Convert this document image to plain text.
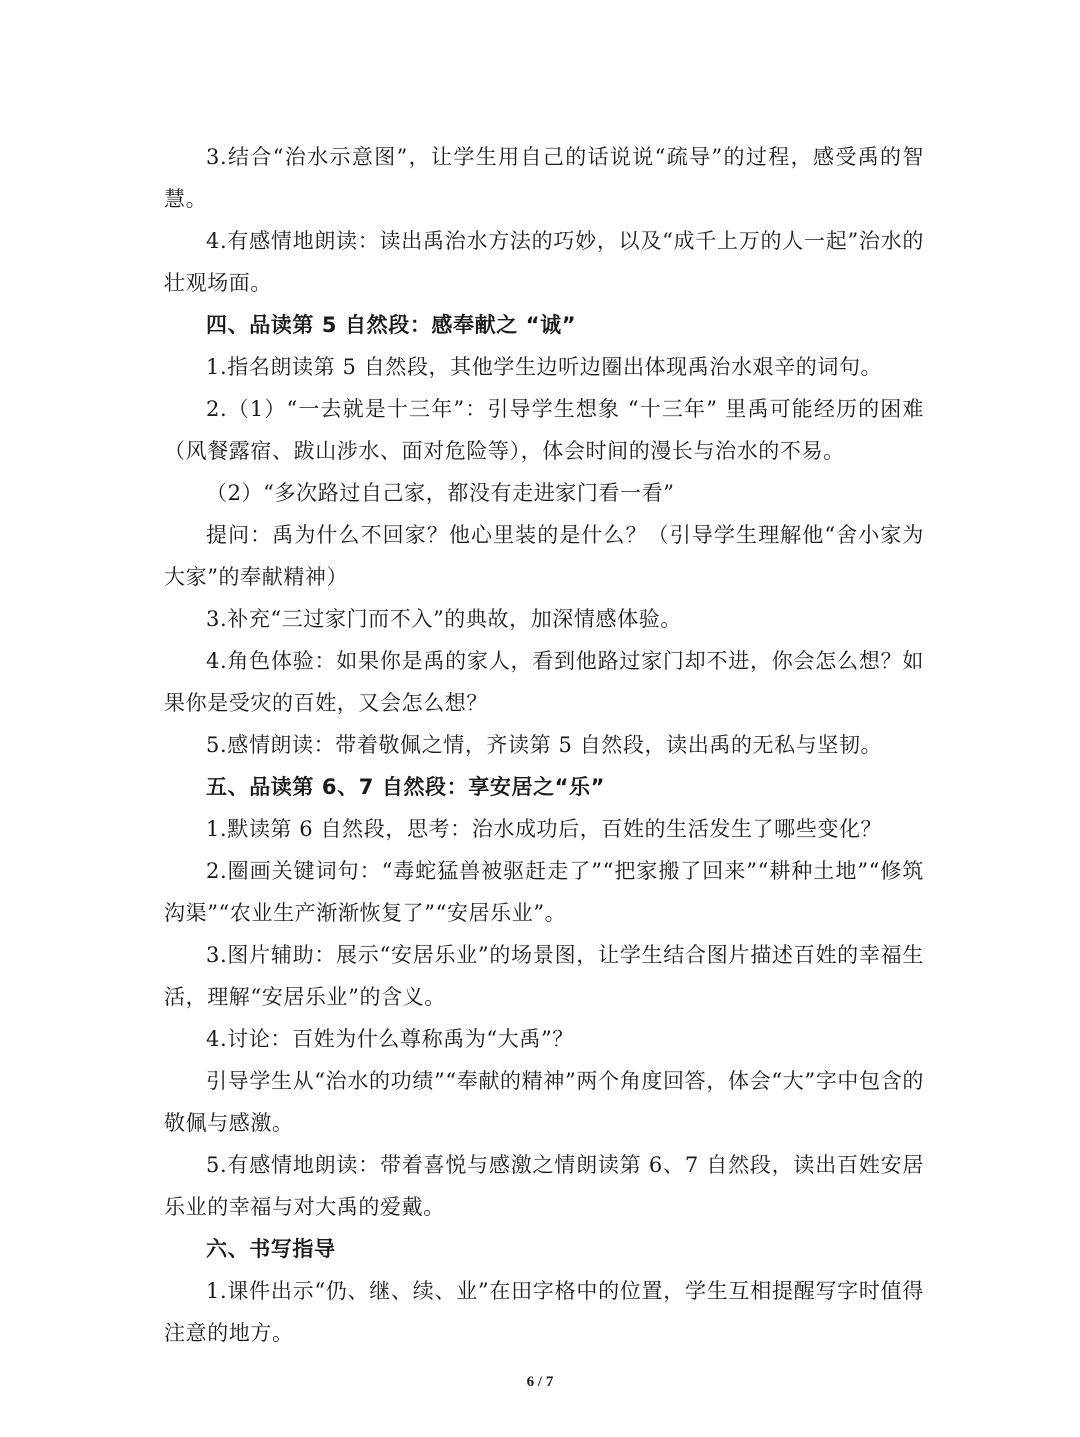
3.结合“治水示意图”，让学生用自己的话说说“疏导”的过程，感受禹的智慧。

4.有感情地朗读：读出禹治水方法的巧妙，以及“成千上万的人一起”治水的壮观场面。

四、品读第 5 自然段：感奉献之 “诚”

1.指名朗读第 5 自然段，其他学生边听边圈出体现禹治水艰辛的词句。

2.（1）“一去就是十三年”：引导学生想象 “十三年” 里禹可能经历的困难（风餐露宿、跋山涉水、面对危险等），体会时间的漫长与治水的不易。

（2）“多次路过自己家，都没有走进家门看一看”

提问：禹为什么不回家？他心里装的是什么？（引导学生理解他“舍小家为大家”的奉献精神）

3.补充“三过家门而不入”的典故，加深情感体验。

4.角色体验：如果你是禹的家人，看到他路过家门却不进，你会怎么想？如果你是受灾的百姓，又会怎么想？

5.感情朗读：带着敬佩之情，齐读第 5 自然段，读出禹的无私与坚韧。

五、品读第 6、7 自然段：享安居之“乐”

1.默读第 6 自然段，思考：治水成功后，百姓的生活发生了哪些变化？

2.圈画关键词句：“毒蛇猛兽被驱赶走了”“把家搬了回来”“耕种土地”“修筑沟渠”“农业生产渐渐恢复了”“安居乐业”。

3.图片辅助：展示“安居乐业”的场景图，让学生结合图片描述百姓的幸福生活，理解“安居乐业”的含义。

4.讨论：百姓为什么尊称禹为“大禹”？

引导学生从“治水的功绩”“奉献的精神”两个角度回答，体会“大”字中包含的敬佩与感激。

5.有感情地朗读：带着喜悦与感激之情朗读第 6、7 自然段，读出百姓安居乐业的幸福与对大禹的爱戴。

六、书写指导

1.课件出示“仍、继、续、业”在田字格中的位置，学生互相提醒写字时值得注意的地方。

6 / 7
